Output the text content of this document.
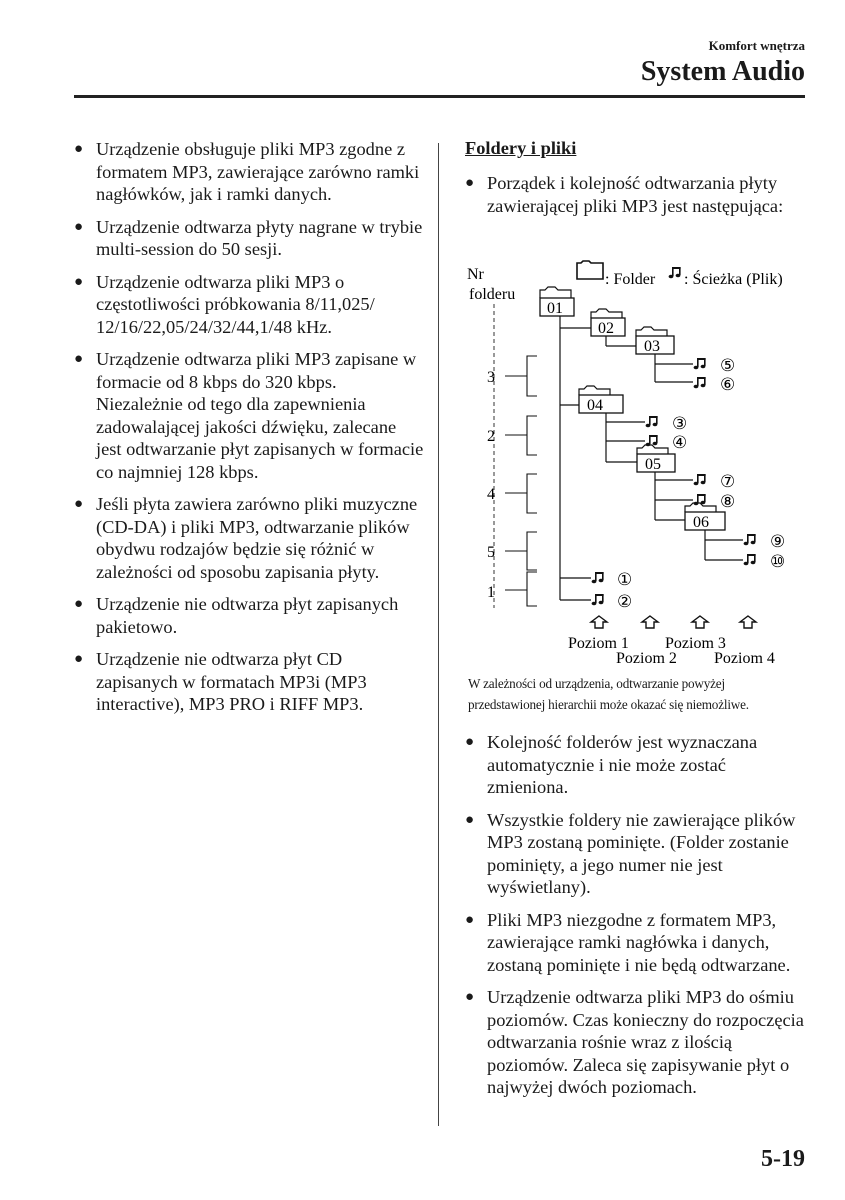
Komfort wnętrza
System Audio
● Urządzenie obsługuje pliki MP3 zgodne z formatem MP3, zawierające zarówno ramki nagłówków, jak i ramki danych.
● Urządzenie odtwarza płyty nagrane w trybie multi-session do 50 sesji.
● Urządzenie odtwarza pliki MP3 o częstotliwości próbkowania 8/11,025/ 12/16/22,05/24/32/44,1/48 kHz.
● Urządzenie odtwarza pliki MP3 zapisane w formacie od 8 kbps do 320 kbps. Niezależnie od tego dla zapewnienia zadowalającej jakości dźwięku, zalecane jest odtwarzanie płyt zapisanych w formacie co najmniej 128 kbps.
● Jeśli płyta zawiera zarówno pliki muzyczne (CD-DA) i pliki MP3, odtwarzanie plików obydwu rodzajów będzie się różnić w zależności od sposobu zapisania płyty.
● Urządzenie nie odtwarza płyt zapisanych pakietowo.
● Urządzenie nie odtwarza płyt CD zapisanych w formatach MP3i (MP3 interactive), MP3 PRO i RIFF MP3.
Foldery i pliki
● Porządek i kolejność odtwarzania płyty zawierającej pliki MP3 jest następująca:
Nr
folderu
: Folder : Ścieżka (Plik)
3
2
4
5
1
01
02
03
04
05
06
⑤
⑥
③
④
⑦
⑧
⑨
⑩
①
②
Poziom 1 Poziom 3
Poziom 2 Poziom 4
W zależności od urządzenia, odtwarzanie powyżej
przedstawionej hierarchii może okazać się niemożliwe.
● Kolejność folderów jest wyznaczana automatycznie i nie może zostać zmieniona.
● Wszystkie foldery nie zawierające plików MP3 zostaną pominięte. (Folder zostanie pominięty, a jego numer nie jest wyświetlany).
● Pliki MP3 niezgodne z formatem MP3, zawierające ramki nagłówka i danych, zostaną pominięte i nie będą odtwarzane.
● Urządzenie odtwarza pliki MP3 do ośmiu poziomów. Czas konieczny do rozpoczęcia odtwarzania rośnie wraz z ilością poziomów. Zaleca się zapisywanie płyt o najwyżej dwóch poziomach.
5-19
